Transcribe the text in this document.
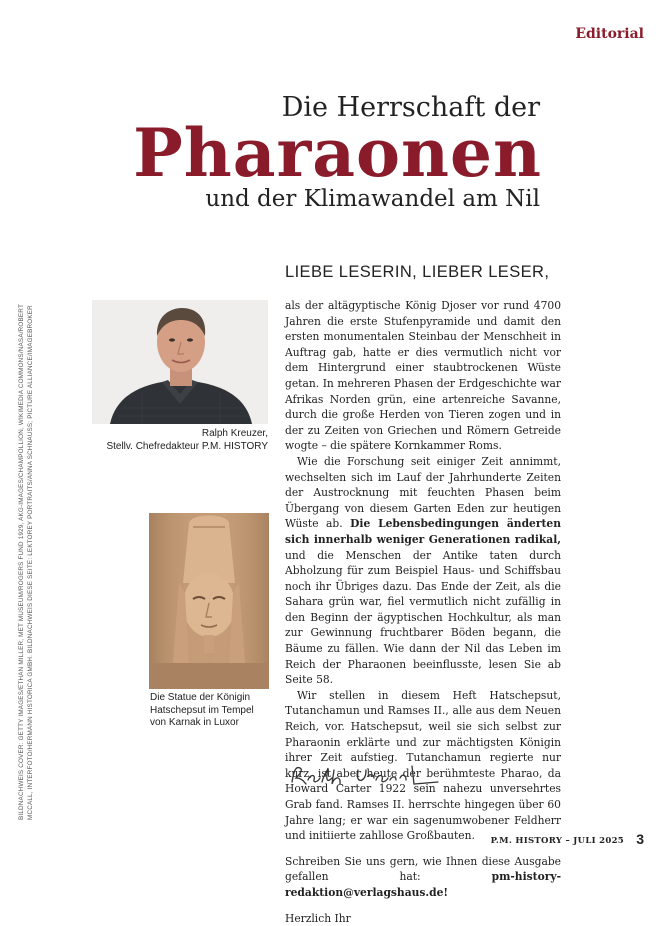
Editorial
Die Herrschaft der
Pharaonen
und der Klimawandel am Nil
BILDNACHWEIS COVER: GETTY IMAGES/ETHAN MILLER, MET MUSEUM/ROGERS FUND 1929, AKG-IMAGES/CHAMPOLLION, WIKIMEDIA COMMONS/NASA/ROBERT MCCALL, INTERFOTO/HERMANN HISTORICA GMBH. BILDNACHWEIS DIESE SEITE: LEKTOREY PORTRAITS/ANNA SCHNAUSS; PICTURE ALLIANCE/IMAGEBROKER	Ralph Kreuzer,
Stellv. Chefredakteur P.M. HISTORY
Die Statue der Königin
Hatschepsut im Tempel
von Karnak in Luxor
LIEBE LESERIN, LIEBER LESER,

als der altägyptische König Djoser vor rund 4700 Jahren die erste Stufenpyramide und damit den ersten monumentalen Steinbau der Menschheit in Auftrag gab, hatte er dies vermutlich nicht vor dem Hintergrund einer staubtrockenen Wüste getan. In mehreren Phasen der Erdgeschichte war Afrikas Norden grün, eine artenreiche Savanne, durch die große Herden von Tieren zogen und in der zu Zeiten von Griechen und Römern Getreide wogte – die spätere Kornkammer Roms.

Wie die Forschung seit einiger Zeit annimmt, wechselten sich im Lauf der Jahrhunderte Zeiten der Austrocknung mit feuchten Phasen beim Übergang von diesem Garten Eden zur heutigen Wüste ab. Die Lebensbedingungen änderten sich innerhalb weniger Generationen radikal, und die Menschen der Antike taten durch Abholzung für zum Beispiel Haus- und Schiffsbau noch ihr Übriges dazu. Das Ende der Zeit, als die Sahara grün war, fiel vermutlich nicht zufällig in den Beginn der ägyptischen Hochkultur, als man zur Gewinnung fruchtbarer Böden begann, die Bäume zu fällen. Wie dann der Nil das Leben im Reich der Pharaonen beeinflusste, lesen Sie ab Seite 58.

Wir stellen in diesem Heft Hatschepsut, Tutanchamun und Ramses II., alle aus dem Neuen Reich, vor. Hatschepsut, weil sie sich selbst zur Pharaonin erklärte und zur mächtigsten Königin ihrer Zeit aufstieg. Tutanchamun regierte nur kurz, ist aber heute der berühmteste Pharao, da Howard Carter 1922 sein nahezu unversehrtes Grab fand. Ramses II. herrschte hingegen über 60 Jahre lang; er war ein sagenumwobener Feldherr und initiierte zahllose Großbauten.

Schreiben Sie uns gern, wie Ihnen diese Ausgabe gefallen hat: pm-history-redaktion@verlagshaus.de!

Herzlich Ihr

P.M. HISTORY – JULI 2025 3
